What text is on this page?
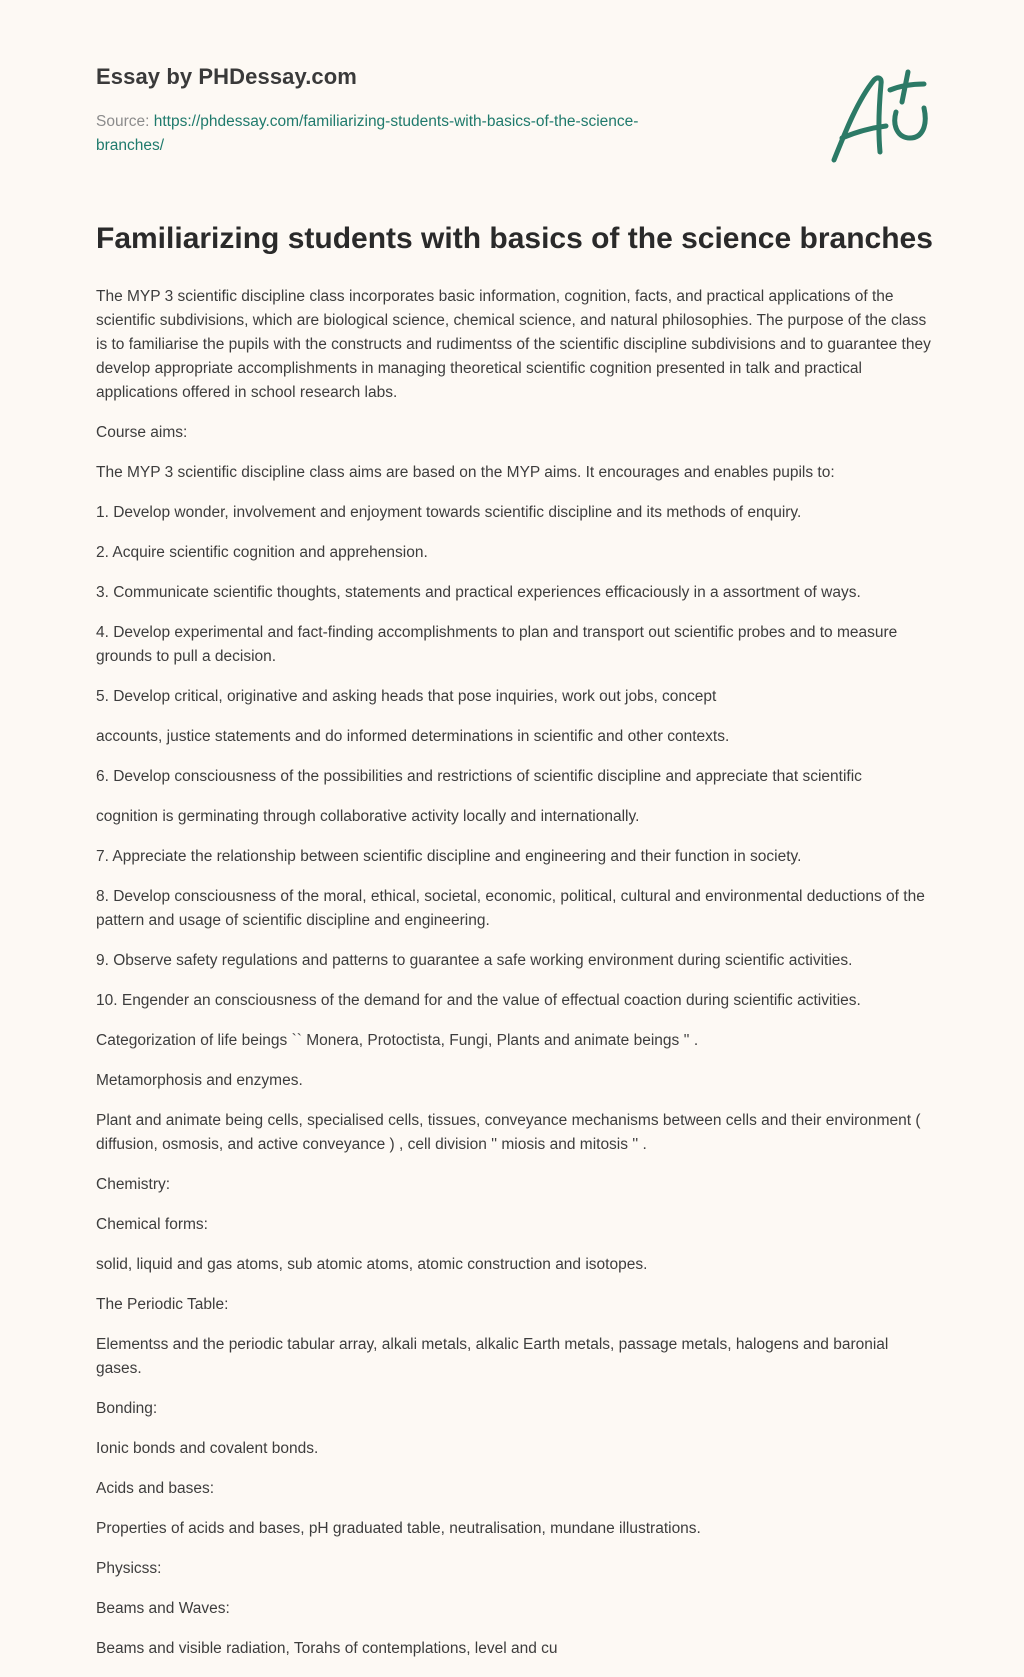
Essay by PHDessay.com
Source: https://phdessay.com/familiarizing-students-with-basics-of-the-science-
branches/
Familiarizing students with basics of the science branches

The MYP 3 scientific discipline class incorporates basic information, cognition, facts, and practical applications of the scientific subdivisions, which are biological science, chemical science, and natural philosophies. The purpose of the class is to familiarise the pupils with the constructs and rudimentss of the scientific discipline subdivisions and to guarantee they develop appropriate accomplishments in managing theoretical scientific cognition presented in talk and practical applications offered in school research labs.

Course aims:

The MYP 3 scientific discipline class aims are based on the MYP aims. It encourages and enables pupils to:

1. Develop wonder, involvement and enjoyment towards scientific discipline and its methods of enquiry.

2. Acquire scientific cognition and apprehension.

3. Communicate scientific thoughts, statements and practical experiences efficaciously in a assortment of ways.

4. Develop experimental and fact-finding accomplishments to plan and transport out scientific probes and to measure grounds to pull a decision.

5. Develop critical, originative and asking heads that pose inquiries, work out jobs, concept

accounts, justice statements and do informed determinations in scientific and other contexts.

6. Develop consciousness of the possibilities and restrictions of scientific discipline and appreciate that scientific

cognition is germinating through collaborative activity locally and internationally.

7. Appreciate the relationship between scientific discipline and engineering and their function in society.

8. Develop consciousness of the moral, ethical, societal, economic, political, cultural and environmental deductions of the pattern and usage of scientific discipline and engineering.

9. Observe safety regulations and patterns to guarantee a safe working environment during scientific activities.

10. Engender an consciousness of the demand for and the value of effectual coaction during scientific activities.

Categorization of life beings `` Monera, Protoctista, Fungi, Plants and animate beings '' .

Metamorphosis and enzymes.

Plant and animate being cells, specialised cells, tissues, conveyance mechanisms between cells and their environment ( diffusion, osmosis, and active conveyance ) , cell division '' miosis and mitosis '' .

Chemistry:

Chemical forms:

solid, liquid and gas atoms, sub atomic atoms, atomic construction and isotopes.

The Periodic Table:

Elementss and the periodic tabular array, alkali metals, alkalic Earth metals, passage metals, halogens and baronial gases.

Bonding:

Ionic bonds and covalent bonds.

Acids and bases:

Properties of acids and bases, pH graduated table, neutralisation, mundane illustrations.

Physicss:

Beams and Waves:

Beams and visible radiation, Torahs of contemplations, level and cu
